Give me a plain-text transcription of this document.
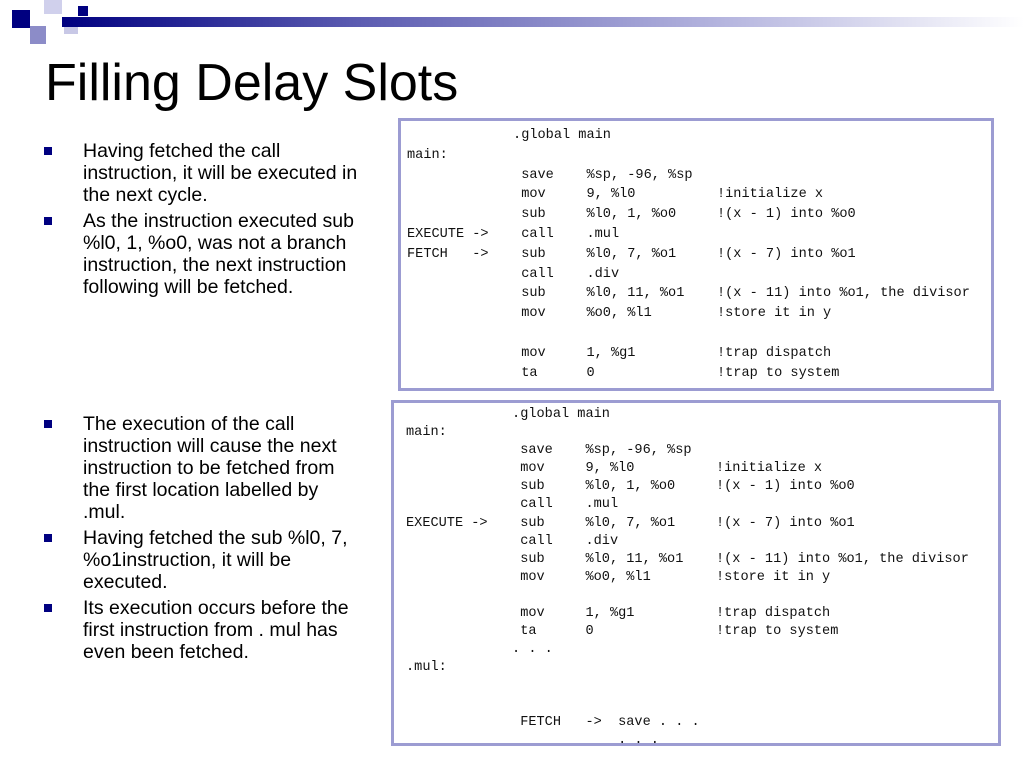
Filling Delay Slots
Having fetched the call instruction, it will be executed in the next cycle.
As the instruction executed sub %l0, 1, %o0, was not a branch instruction, the next instruction following will be fetched.
The execution of the call instruction will cause the next instruction to be fetched from the first location labelled by .mul.
Having fetched the sub %l0, 7, %o1instruction, it will be executed.
Its execution occurs before the first instruction from . mul has even been fetched.
.global main
main:
save    %sp, -96, %sp
mov     9, %l0          !initialize x
sub     %l0, 1, %o0     !(x - 1) into %o0
EXECUTE ->    call    .mul
FETCH   ->    sub     %l0, 7, %o1     !(x - 7) into %o1
call    .div
sub     %l0, 11, %o1    !(x - 11) into %o1, the divisor
mov     %o0, %l1        !store it in y

mov     1, %g1          !trap dispatch
ta      0               !trap to system

.global main
main:
save    %sp, -96, %sp
mov     9, %l0          !initialize x
sub     %l0, 1, %o0     !(x - 1) into %o0
call    .mul
EXECUTE ->    sub     %l0, 7, %o1     !(x - 7) into %o1
call    .div
sub     %l0, 11, %o1    !(x - 11) into %o1, the divisor
mov     %o0, %l1        !store it in y

mov     1, %g1          !trap dispatch
ta      0               !trap to system
. . .
.mul:

FETCH   ->  save . . .
. . .
